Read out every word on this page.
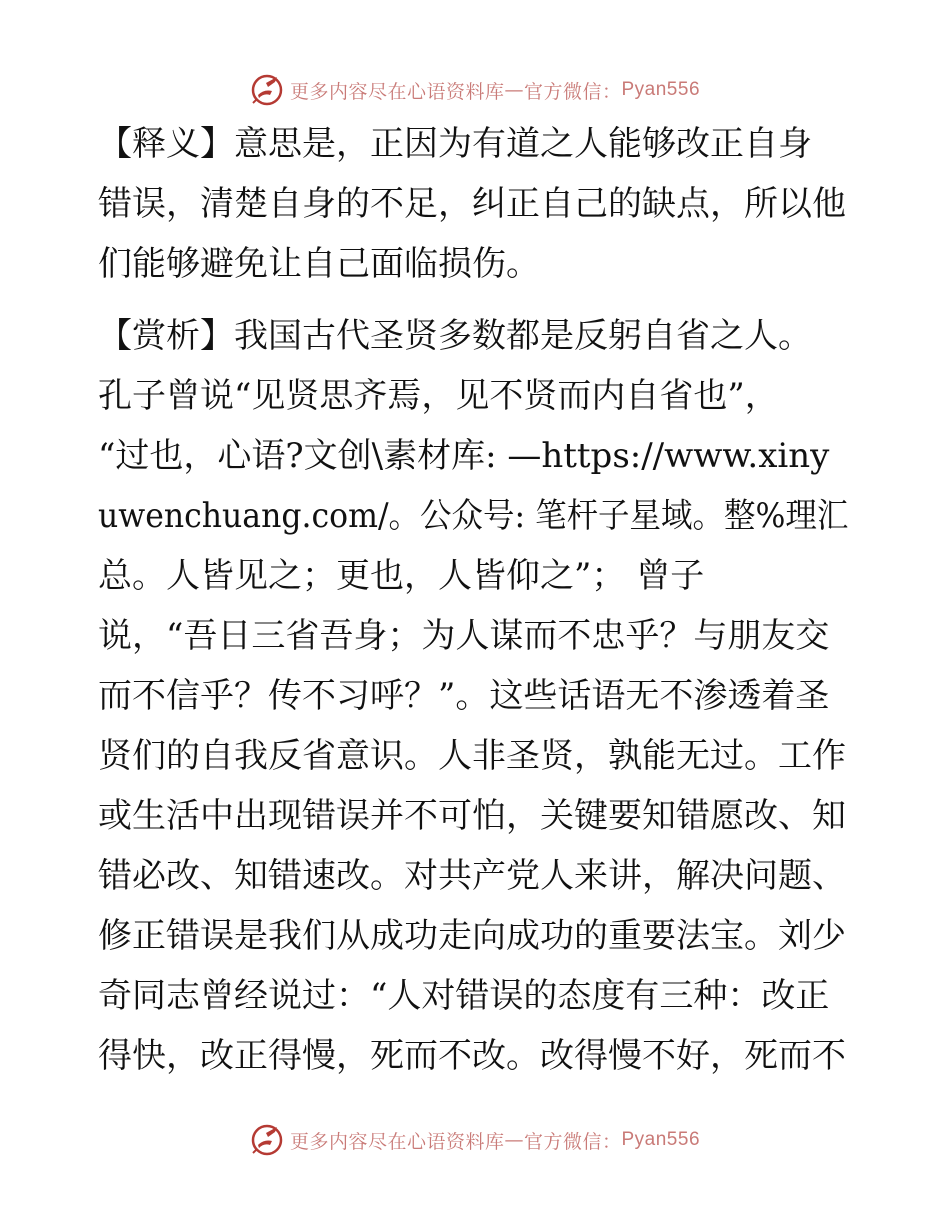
更多内容尽在心语资料库 — 官方微信： Pyan556
【释义】意思是，正因为有道之人能够改正自身
错误，清楚自身的不足，纠正自己的缺点，所以他
们能够避免让自己面临损伤。
【赏析】我国古代圣贤多数都是反躬自省之人。
孔子曾说“见贤思齐焉，见不贤而内自省也”，
“过也，心语?文创\素材库: —https://www.xiny
uwenchuang.com/。公众号: 笔杆子星域。整%理汇
总。人皆见之；更也，人皆仰之”； 曾子
说，“吾日三省吾身；为人谋而不忠乎？与朋友交
而不信乎？传不习呼？”。这些话语无不渗透着圣
贤们的自我反省意识。人非圣贤，孰能无过。工作
或生活中出现错误并不可怕，关键要知错愿改、知
错必改、知错速改。对共产党人来讲，解决问题、
修正错误是我们从成功走向成功的重要法宝。刘少
奇同志曾经说过：“人对错误的态度有三种：改正
得快，改正得慢，死而不改。改得慢不好，死而不
更多内容尽在心语资料库 — 官方微信： Pyan556
